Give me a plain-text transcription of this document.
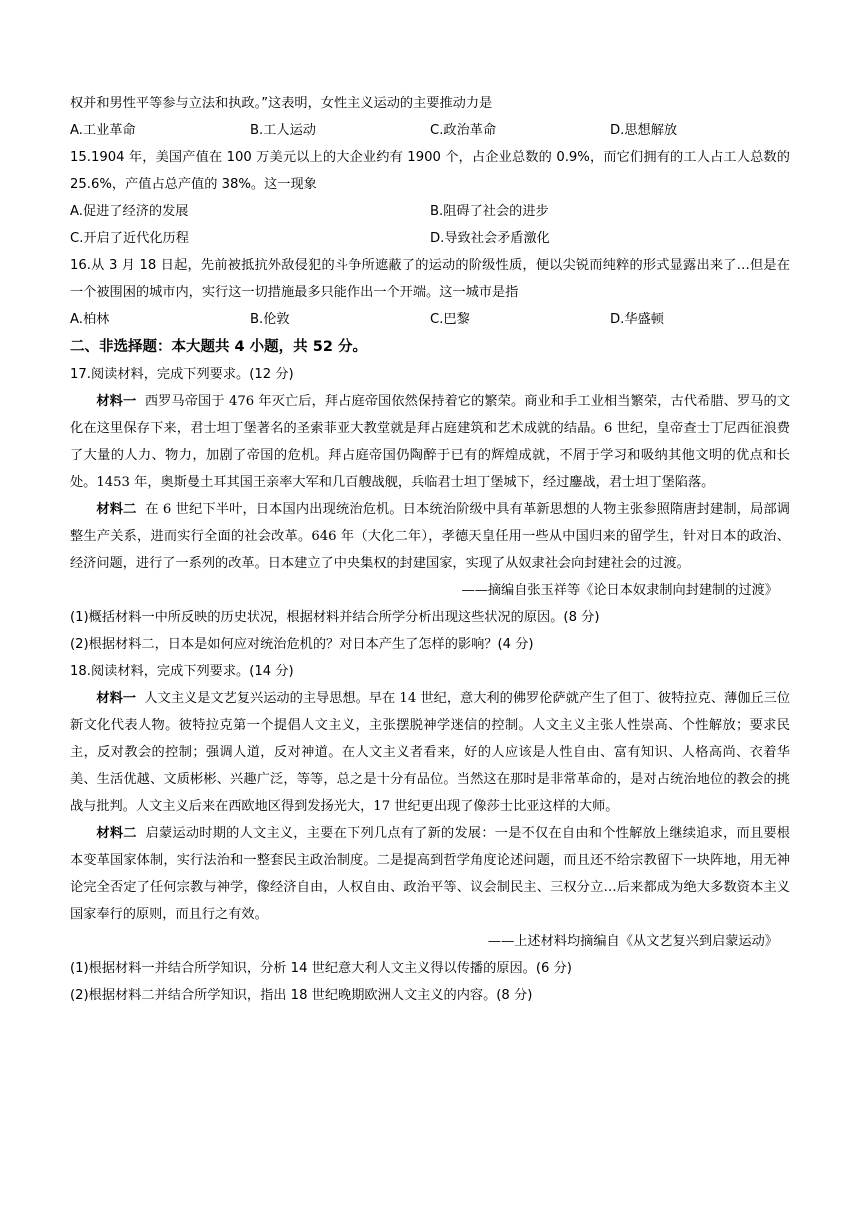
权并和男性平等参与立法和执政。”这表明，女性主义运动的主要推动力是
A.工业革命	B.工人运动	C.政治革命	D.思想解放
15.1904 年，美国产值在 100 万美元以上的大企业约有 1900 个，占企业总数的 0.9%，而它们拥有的工人占工人总数的 25.6%，产值占总产值的 38%。这一现象
A.促进了经济的发展	B.阻碍了社会的进步
C.开启了近代化历程	D.导致社会矛盾激化
16.从 3 月 18 日起，先前被抵抗外敌侵犯的斗争所遮蔽了的运动的阶级性质，便以尖锐而纯粹的形式显露出来了…但是在一个被围困的城市内，实行这一切措施最多只能作出一个开端。这一城市是指
A.柏林	B.伦敦	C.巴黎	D.华盛顿
二、非选择题：本大题共 4 小题，共 52 分。
17.阅读材料，完成下列要求。(12 分)
材料一 西罗马帝国于 476 年灭亡后，拜占庭帝国依然保持着它的繁荣。商业和手工业相当繁荣，古代希腊、罗马的文化在这里保存下来，君士坦丁堡著名的圣索菲亚大教堂就是拜占庭建筑和艺术成就的结晶。6 世纪，皇帝查士丁尼西征浪费了大量的人力、物力，加剧了帝国的危机。拜占庭帝国仍陶醉于已有的辉煌成就，不屑于学习和吸纳其他文明的优点和长处。1453 年，奥斯曼土耳其国王亲率大军和几百艘战舰，兵临君士坦丁堡城下，经过鏖战，君士坦丁堡陷落。
材料二 在 6 世纪下半叶，日本国内出现统治危机。日本统治阶级中具有革新思想的人物主张参照隋唐封建制，局部调整生产关系，进而实行全面的社会改革。646 年（大化二年），孝德天皇任用一些从中国归来的留学生，针对日本的政治、经济问题，进行了一系列的改革。日本建立了中央集权的封建国家，实现了从奴隶社会向封建社会的过渡。
——摘编自张玉祥等《论日本奴隶制向封建制的过渡》
(1)概括材料一中所反映的历史状况，根据材料并结合所学分析出现这些状况的原因。(8 分)
(2)根据材料二，日本是如何应对统治危机的？对日本产生了怎样的影响？(4 分)
18.阅读材料，完成下列要求。(14 分)
材料一 人文主义是文艺复兴运动的主导思想。早在 14 世纪，意大利的佛罗伦萨就产生了但丁、彼特拉克、薄伽丘三位新文化代表人物。彼特拉克第一个提倡人文主义，主张摆脱神学迷信的控制。人文主义主张人性崇高、个性解放；要求民主，反对教会的控制；强调人道，反对神道。在人文主义者看来，好的人应该是人性自由、富有知识、人格高尚、衣着华美、生活优越、文质彬彬、兴趣广泛，等等，总之是十分有品位。当然这在那时是非常革命的，是对占统治地位的教会的挑战与批判。人文主义后来在西欧地区得到发扬光大，17 世纪更出现了像莎士比亚这样的大师。
材料二 启蒙运动时期的人文主义，主要在下列几点有了新的发展：一是不仅在自由和个性解放上继续追求，而且要根本变革国家体制，实行法治和一整套民主政治制度。二是提高到哲学角度论述问题，而且还不给宗教留下一块阵地，用无神论完全否定了任何宗教与神学，像经济自由，人权自由、政治平等、议会制民主、三权分立…后来都成为绝大多数资本主义国家奉行的原则，而且行之有效。
——上述材料均摘编自《从文艺复兴到启蒙运动》
(1)根据材料一并结合所学知识，分析 14 世纪意大利人文主义得以传播的原因。(6 分)
(2)根据材料二并结合所学知识，指出 18 世纪晚期欧洲人文主义的内容。(8 分)
